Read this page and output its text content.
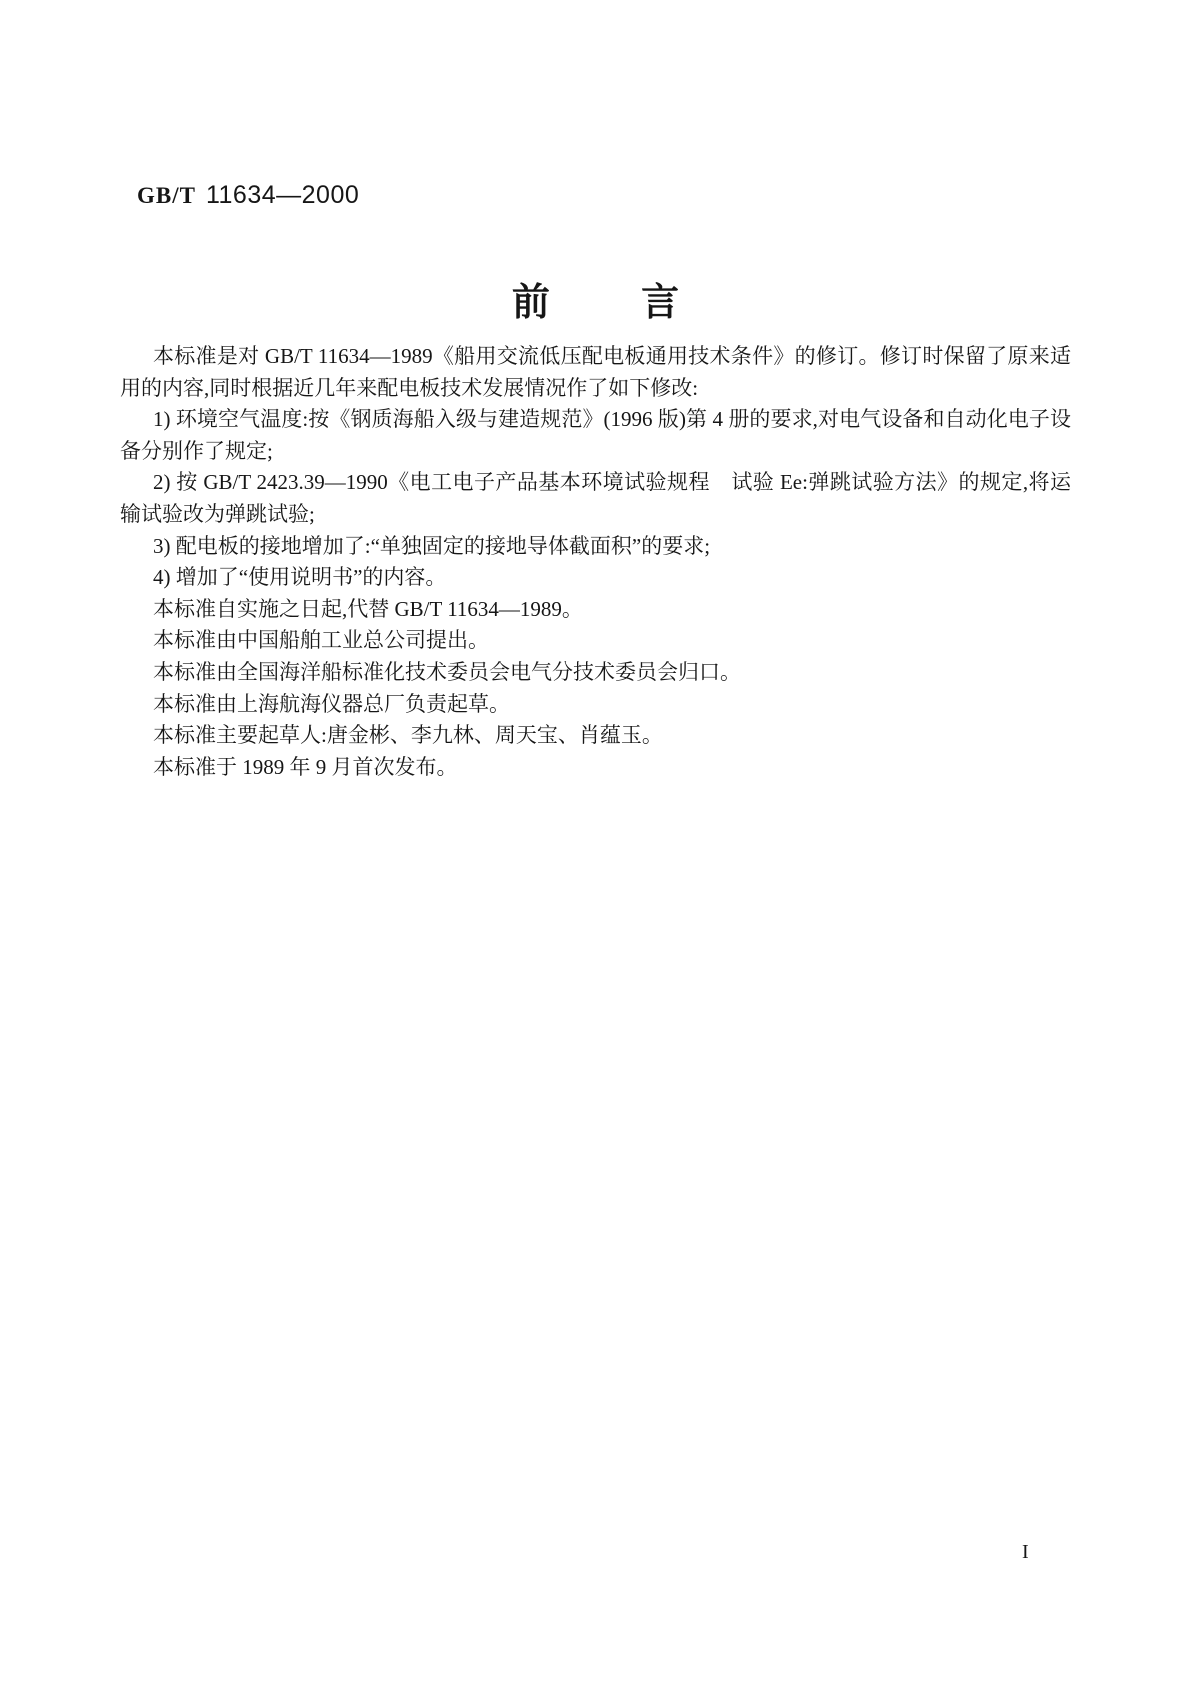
GB/T 11634—2000
前言

本标准是对 GB/T 11634—1989《船用交流低压配电板通用技术条件》的修订。修订时保留了原来适用的内容,同时根据近几年来配电板技术发展情况作了如下修改:

1) 环境空气温度:按《钢质海船入级与建造规范》(1996 版)第 4 册的要求,对电气设备和自动化电子设备分别作了规定;

2) 按 GB/T 2423.39—1990《电工电子产品基本环境试验规程　试验 Ee:弹跳试验方法》的规定,将运输试验改为弹跳试验;

3) 配电板的接地增加了:“单独固定的接地导体截面积”的要求;

4) 增加了“使用说明书”的内容。

本标准自实施之日起,代替 GB/T 11634—1989。

本标准由中国船舶工业总公司提出。

本标准由全国海洋船标准化技术委员会电气分技术委员会归口。

本标准由上海航海仪器总厂负责起草。

本标准主要起草人:唐金彬、李九林、周天宝、肖蕴玉。

本标准于 1989 年 9 月首次发布。

I
